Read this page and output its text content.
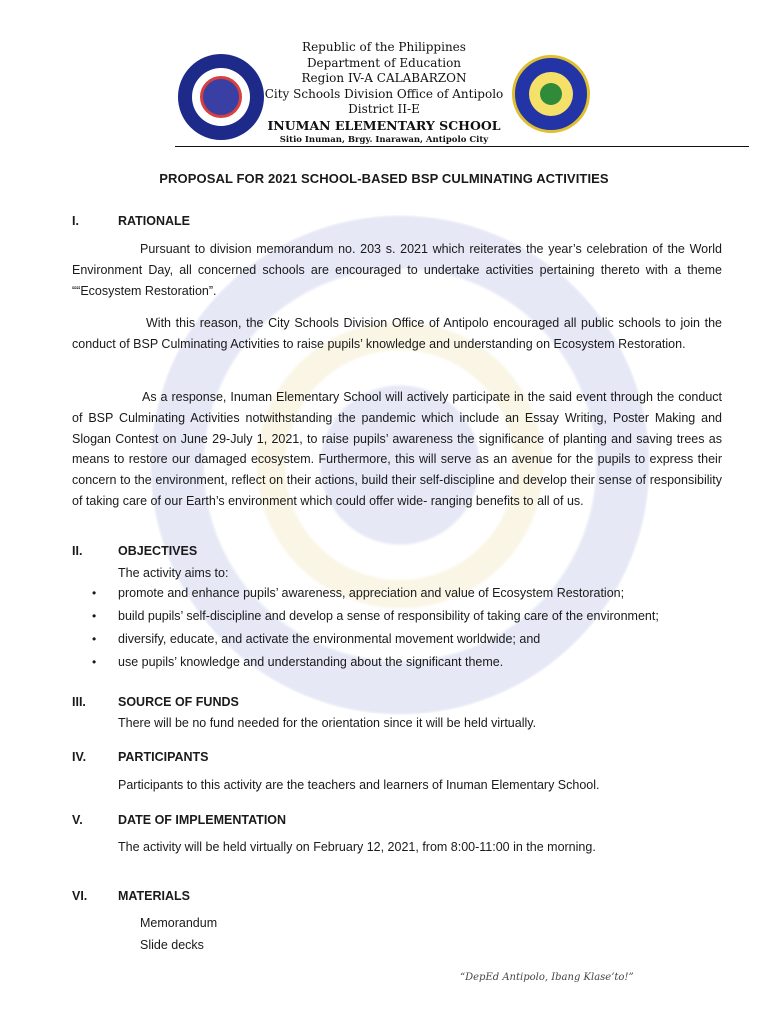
Republic of the Philippines
Department of Education
Region IV-A CALABARZON
City Schools Division Office of Antipolo
District II-E
INUMAN ELEMENTARY SCHOOL
Sitio Inuman, Brgy. Inarawan, Antipolo City
PROPOSAL FOR 2021 SCHOOL-BASED BSP CULMINATING ACTIVITIES
I.	RATIONALE
Pursuant to division memorandum no. 203 s. 2021 which reiterates the year’s celebration of the World Environment Day, all concerned schools are encouraged to undertake activities pertaining thereto with a theme ““Ecosystem Restoration”.
With this reason, the City Schools Division Office of Antipolo encouraged all public schools to join the conduct of BSP Culminating Activities to raise pupils’ knowledge and understanding on Ecosystem Restoration.
As a response, Inuman Elementary School will actively participate in the said event through the conduct of BSP Culminating Activities notwithstanding the pandemic which include an Essay Writing, Poster Making and Slogan Contest on June 29-July 1, 2021, to raise pupils’ awareness the significance of planting and saving trees as means to restore our damaged ecosystem. Furthermore, this will serve as an avenue for the pupils to express their concern to the environment, reflect on their actions, build their self-discipline and develop their sense of responsibility of taking care of our Earth’s environment which could offer wide- ranging benefits to all of us.
II.	OBJECTIVES
The activity aims to:
• promote and enhance pupils’ awareness, appreciation and value of Ecosystem Restoration;
• build pupils’ self-discipline and develop a sense of responsibility of taking care of the environment;
• diversify, educate, and activate the environmental movement worldwide; and
• use pupils’ knowledge and understanding about the significant theme.
III.	SOURCE OF FUNDS
There will be no fund needed for the orientation since it will be held virtually.
IV.	PARTICIPANTS
Participants to this activity are the teachers and learners of Inuman Elementary School.
V.	DATE OF IMPLEMENTATION
The activity will be held virtually on February 12, 2021, from 8:00-11:00 in the morning.
VI. MATERIALS
Memorandum
Slide decks
“DepEd Antipolo, Ibang Klase’to!”
